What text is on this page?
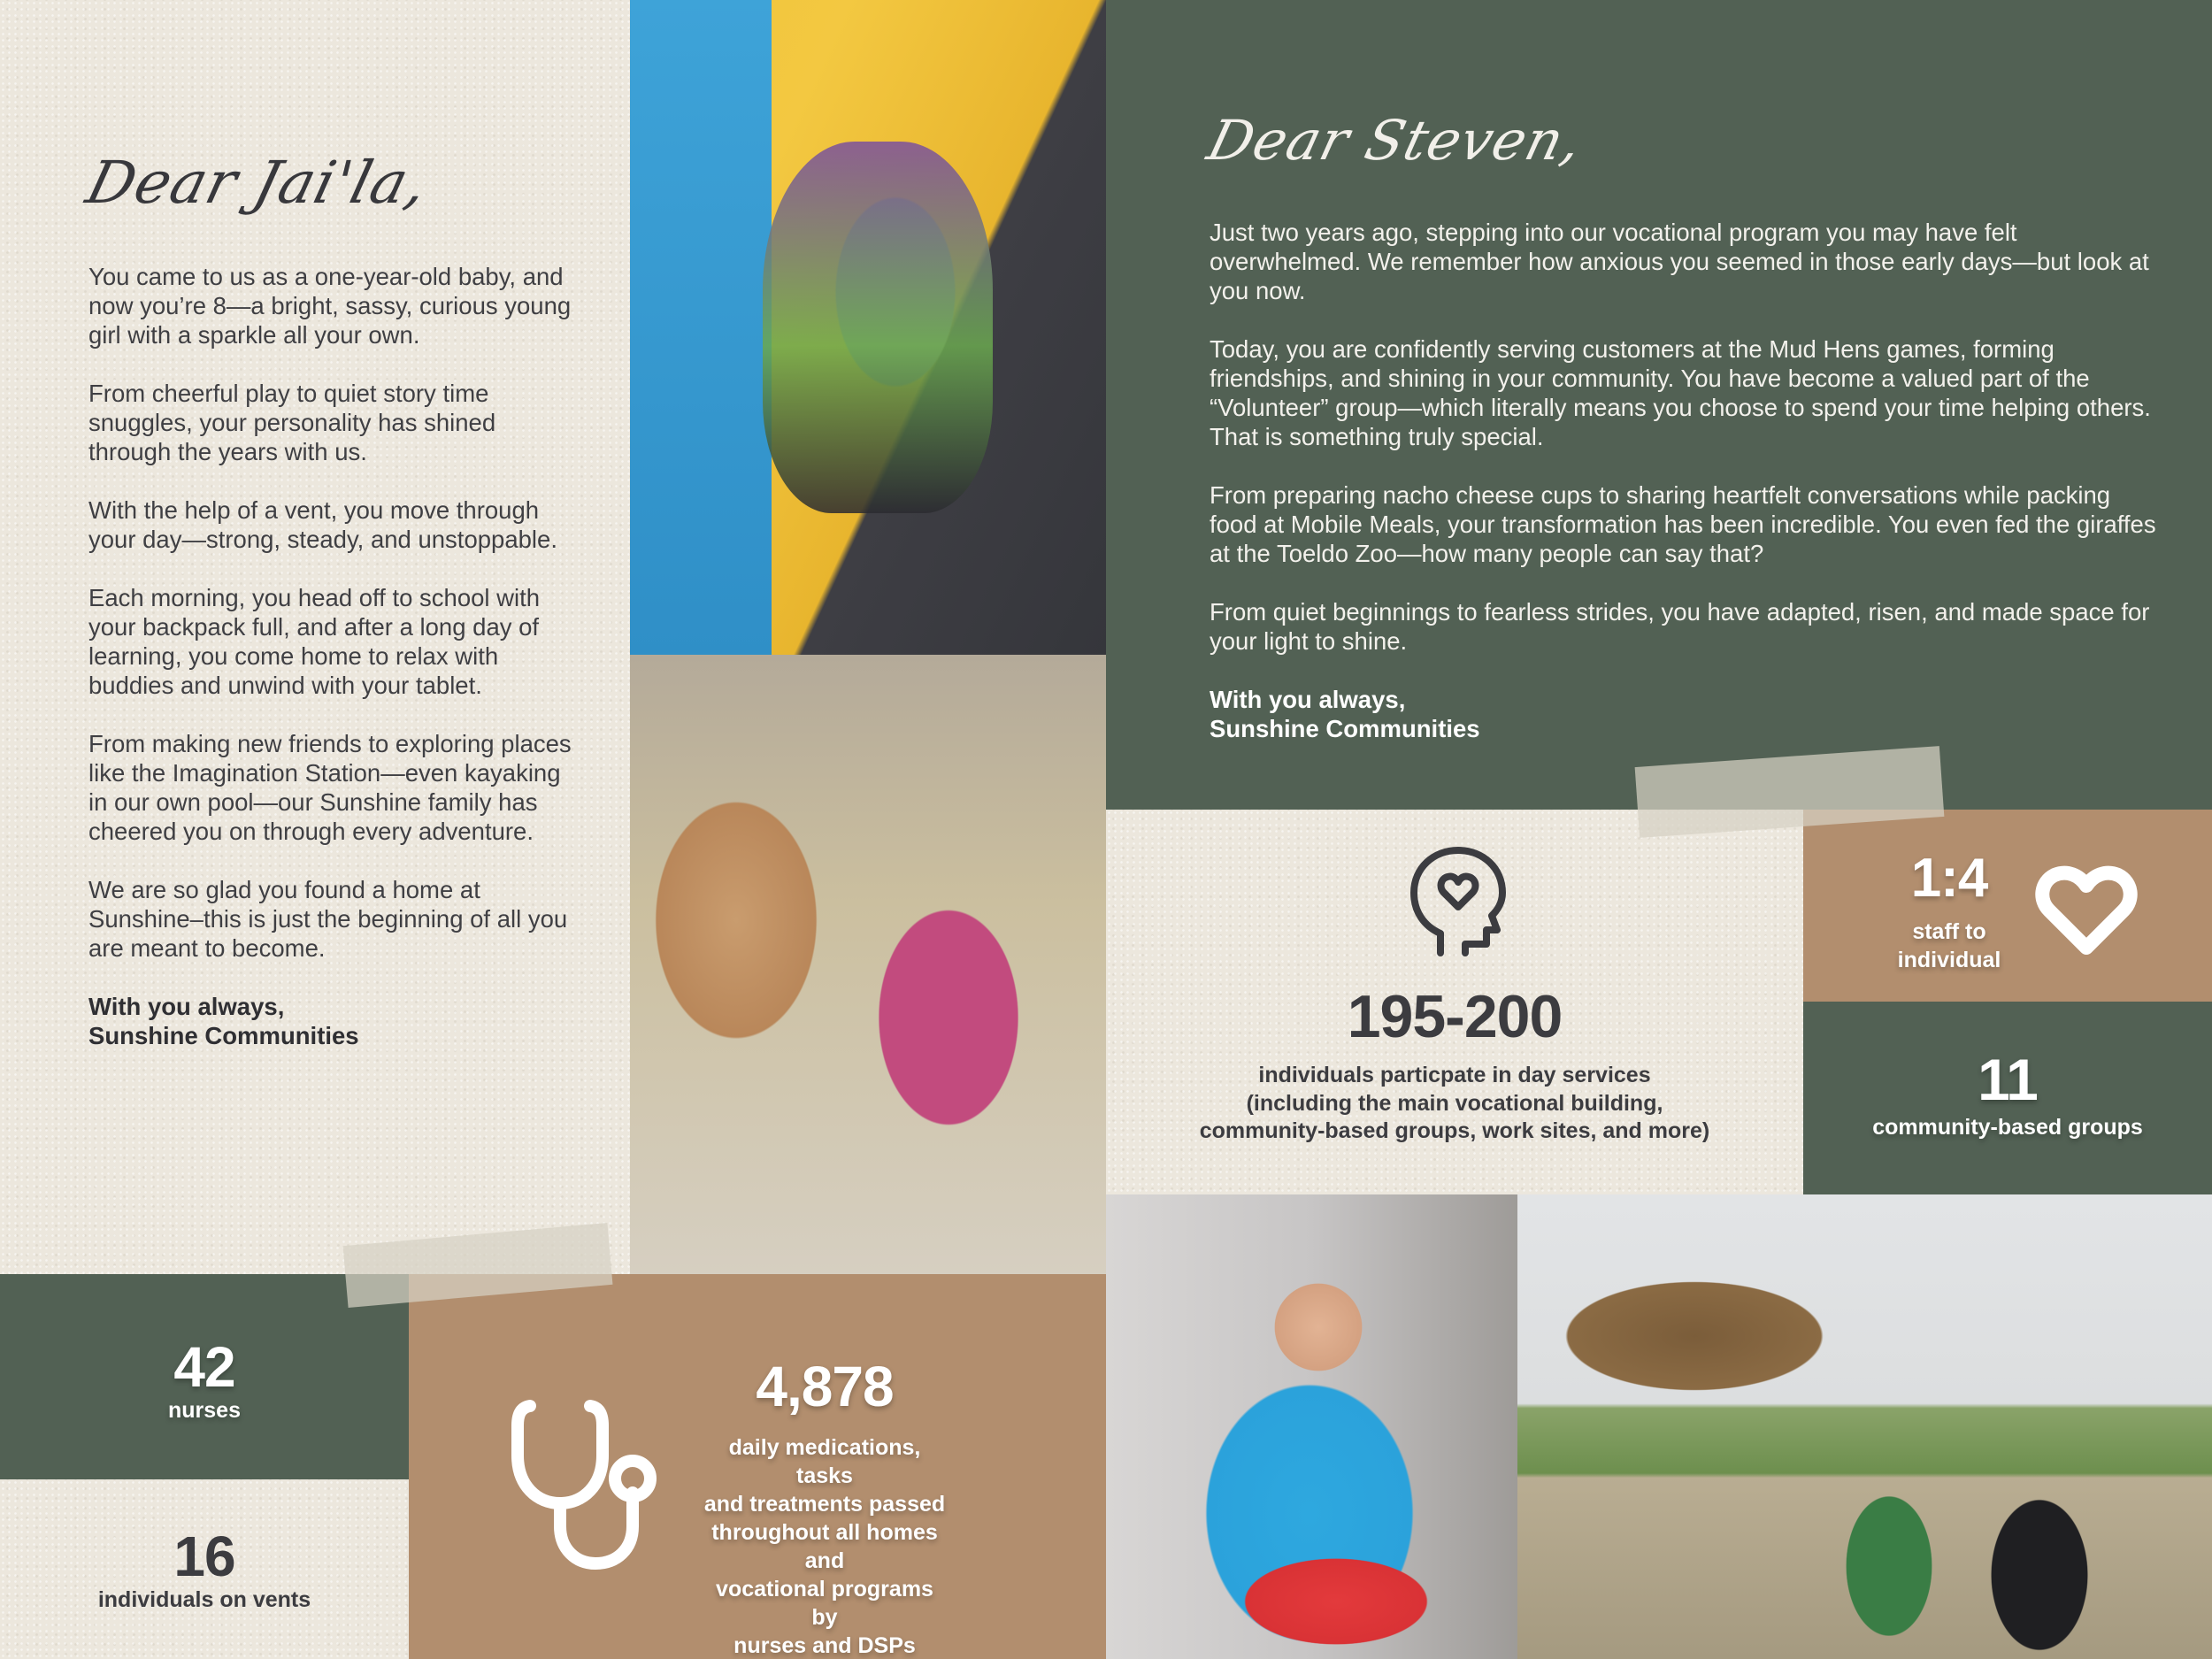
Dear Jai'la,

You came to us as a one-year-old baby, and now you’re 8—a bright, sassy, curious young girl with a sparkle all your own.

From cheerful play to quiet story time snuggles, your personality has shined through the years with us.

With the help of a vent, you move through your day—strong, steady, and unstoppable.

Each morning, you head off to school with your backpack full, and after a long day of learning, you come home to relax with buddies and unwind with your tablet.

From making new friends to exploring places like the Imagination Station—even kayaking in our own pool—our Sunshine family has cheered you on through every adventure.

We are so glad you found a home at Sunshine–this is just the beginning of all you are meant to become.

With you always,
Sunshine Communities
Dear Steven,

Just two years ago, stepping into our vocational program you may have felt overwhelmed. We remember how anxious you seemed in those early days—but look at you now.

Today, you are confidently serving customers at the Mud Hens games, forming friendships, and shining in your community. You have become a valued part of the “Volunteer” group—which literally means you choose to spend your time helping others. That is something truly special.

From preparing nacho cheese cups to sharing heartfelt conversations while packing food at Mobile Meals, your transformation has been incredible. You even fed the giraffes at the Toeldo Zoo—how many people can say that?

From quiet beginnings to fearless strides, you have adapted, risen, and made space for your light to shine.

With you always,
Sunshine Communities
195-200
individuals particpate in day services
(including the main vocational building,
community-based groups, work sites, and more)
1:4
staff to
individual
11
community-based groups
42
nurses
16
individuals on vents
4,878
daily medications, tasks
and treatments passed
throughout all homes and
vocational programs by
nurses and DSPs
